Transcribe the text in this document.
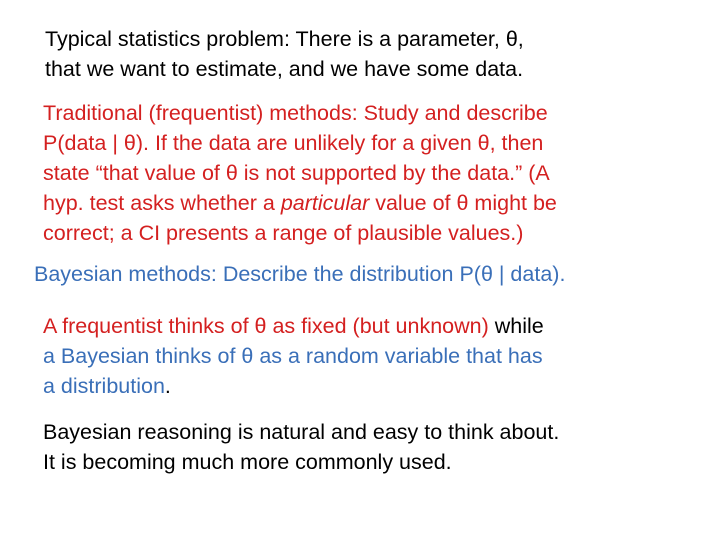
Typical statistics problem: There is a parameter, θ,
that we want to estimate, and we have some data.
Traditional (frequentist) methods: Study and describe
P(data | θ). If the data are unlikely for a given θ, then
state “that value of θ is not supported by the data.” (A
hyp. test asks whether a particular value of θ might be
correct; a CI presents a range of plausible values.)
Bayesian methods: Describe the distribution P(θ | data).
A frequentist thinks of θ as fixed (but unknown) while
a Bayesian thinks of θ as a random variable that has
a distribution.
Bayesian reasoning is natural and easy to think about.
It is becoming much more commonly used.
